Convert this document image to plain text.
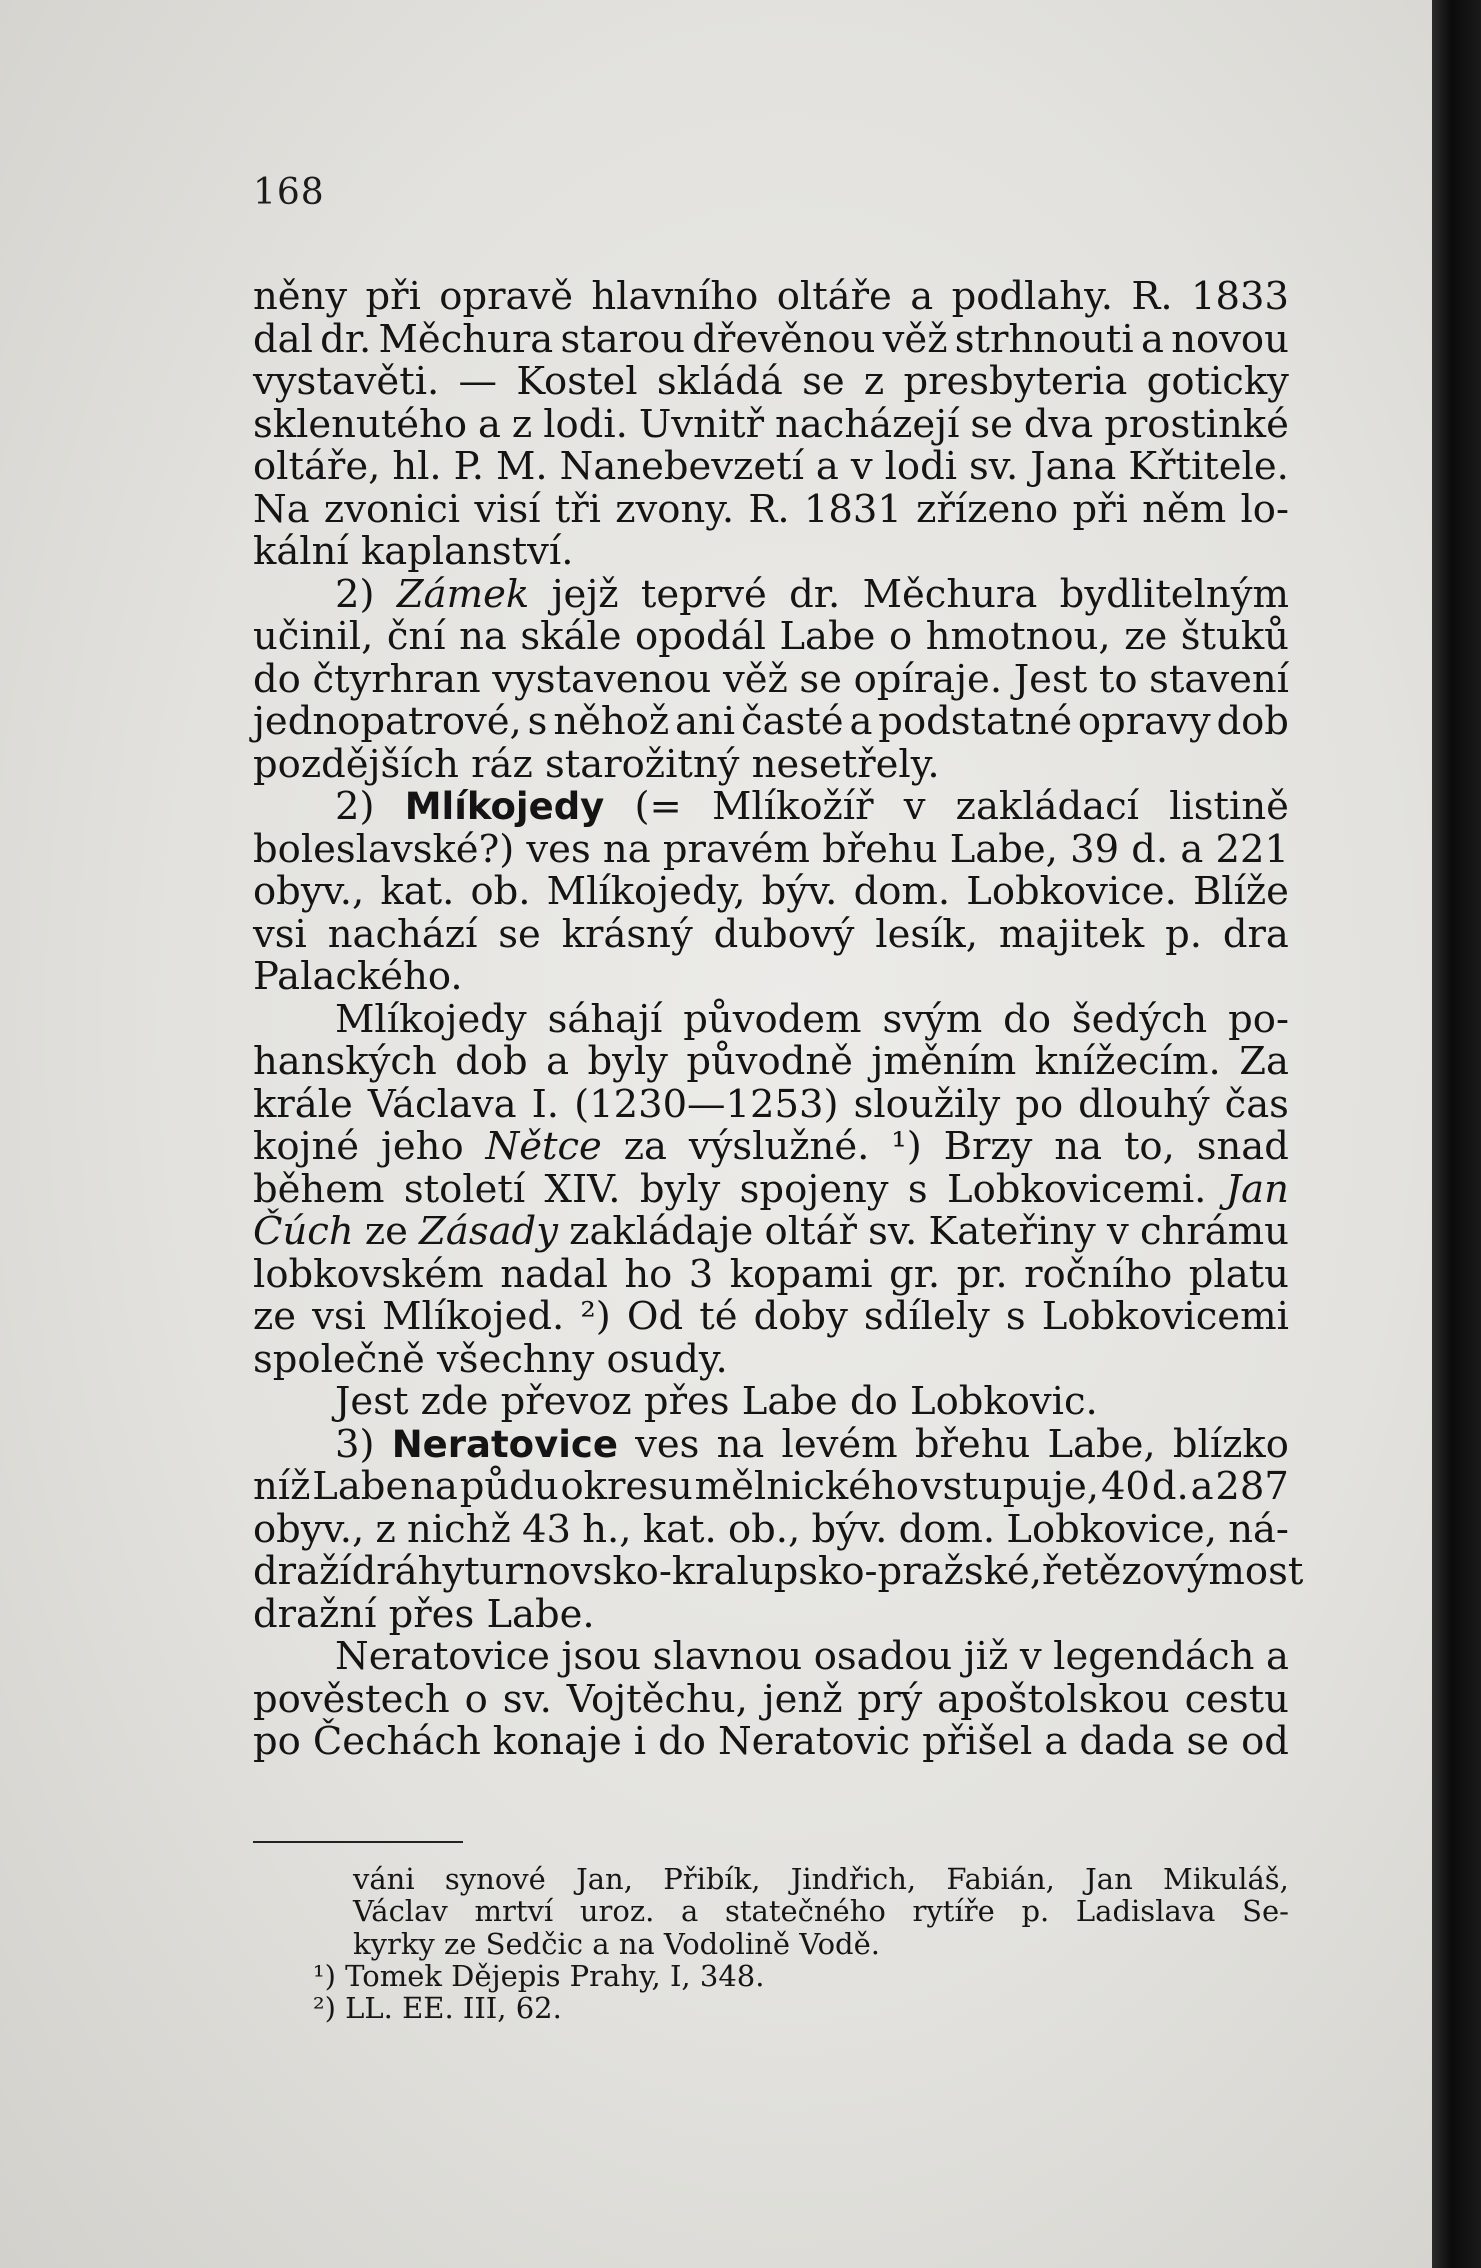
168
něny při opravě hlavního oltáře a podlahy. R. 1833
dal dr. Měchura starou dřevěnou věž strhnouti a novou
vystavěti. — Kostel skládá se z presbyteria goticky
sklenutého a z lodi. Uvnitř nacházejí se dva prostinké
oltáře, hl. P. M. Nanebevzetí a v lodi sv. Jana Křtitele.
Na zvonici visí tři zvony. R. 1831 zřízeno při něm lo-
kální kaplanství.
2) Zámek jejž teprvé dr. Měchura bydlitelným
učinil, ční na skále opodál Labe o hmotnou, ze štuků
do čtyrhran vystavenou věž se opíraje. Jest to stavení
jednopatrové, s něhož ani časté a podstatné opravy dob
pozdějších ráz starožitný nesetřely.
2) Mlíkojedy (= Mlíkožíř v zakládací listině
boleslavské?) ves na pravém břehu Labe, 39 d. a 221
obyv., kat. ob. Mlíkojedy, býv. dom. Lobkovice. Blíže
vsi nachází se krásný dubový lesík, majitek p. dra
Palackého.
Mlíkojedy sáhají původem svým do šedých po-
hanských dob a byly původně jměním knížecím. Za
krále Václava I. (1230—1253) sloužily po dlouhý čas
kojné jeho Nětce za výslužné. ¹) Brzy na to, snad
během století XIV. byly spojeny s Lobkovicemi. Jan
Čúch ze Zásady zakládaje oltář sv. Kateřiny v chrámu
lobkovském nadal ho 3 kopami gr. pr. ročního platu
ze vsi Mlíkojed. ²) Od té doby sdílely s Lobkovicemi
společně všechny osudy.
Jest zde převoz přes Labe do Lobkovic.
3) Neratovice ves na levém břehu Labe, blízko
níž Labe na půdu okresu mělnického vstupuje, 40 d. a 287
obyv., z nichž 43 h., kat. ob., býv. dom. Lobkovice, ná-
draží dráhy turnovsko-kralupsko-pražské, řetězový most
dražní přes Labe.
Neratovice jsou slavnou osadou již v legendách a
pověstech o sv. Vojtěchu, jenž prý apoštolskou cestu
po Čechách konaje i do Neratovic přišel a dada se od
váni synové Jan, Přibík, Jindřich, Fabián, Jan Mikuláš,
Václav mrtví uroz. a statečného rytíře p. Ladislava Se-
kyrky ze Sedčic a na Vodolině Vodě.
¹) Tomek Dějepis Prahy, I, 348.
²) LL. EE. III, 62.
